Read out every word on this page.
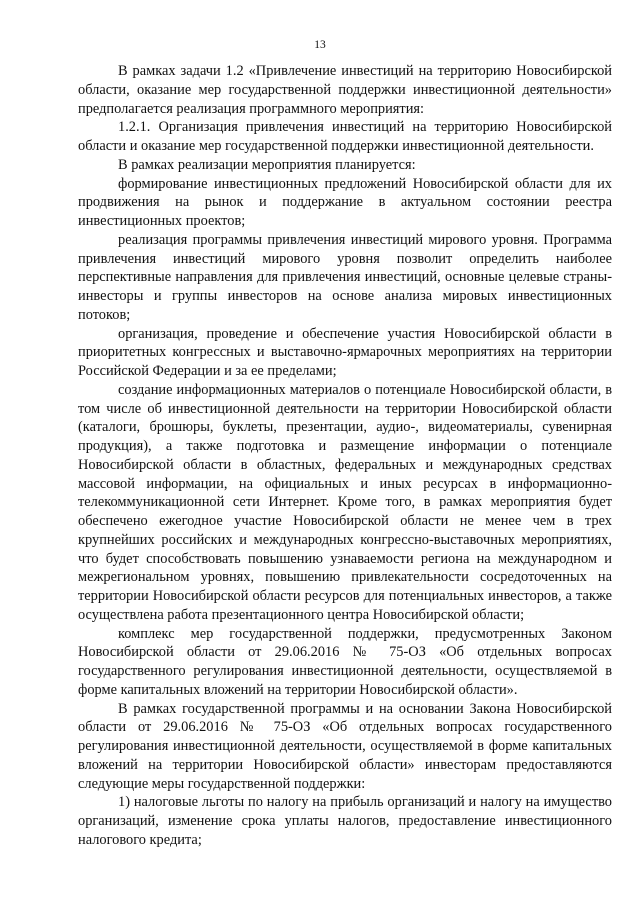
13

В рамках задачи 1.2 «Привлечение инвестиций на территорию Новосибирской области, оказание мер государственной поддержки инвестиционной деятельности» предполагается реализация программного мероприятия:

1.2.1. Организация привлечения инвестиций на территорию Новосибирской области и оказание мер государственной поддержки инвестиционной деятельности.

В рамках реализации мероприятия планируется:

формирование инвестиционных предложений Новосибирской области для их продвижения на рынок и поддержание в актуальном состоянии реестра инвестиционных проектов;

реализация программы привлечения инвестиций мирового уровня. Программа привлечения инвестиций мирового уровня позволит определить наиболее перспективные направления для привлечения инвестиций, основные целевые страны-инвесторы и группы инвесторов на основе анализа мировых инвестиционных потоков;

организация, проведение и обеспечение участия Новосибирской области в приоритетных конгрессных и выставочно-ярмарочных мероприятиях на территории Российской Федерации и за ее пределами;

создание информационных материалов о потенциале Новосибирской области, в том числе об инвестиционной деятельности на территории Новосибирской области (каталоги, брошюры, буклеты, презентации, аудио-, видеоматериалы, сувенирная продукция), а также подготовка и размещение информации о потенциале Новосибирской области в областных, федеральных и международных средствах массовой информации, на официальных и иных ресурсах в информационно-телекоммуникационной сети Интернет. Кроме того, в рамках мероприятия будет обеспечено ежегодное участие Новосибирской области не менее чем в трех крупнейших российских и международных конгрессно-выставочных мероприятиях, что будет способствовать повышению узнаваемости региона на международном и межрегиональном уровнях, повышению привлекательности сосредоточенных на территории Новосибирской области ресурсов для потенциальных инвесторов, а также осуществлена работа презентационного центра Новосибирской области;

комплекс мер государственной поддержки, предусмотренных Законом Новосибирской области от 29.06.2016 № 75-ОЗ «Об отдельных вопросах государственного регулирования инвестиционной деятельности, осуществляемой в форме капитальных вложений на территории Новосибирской области».

В рамках государственной программы и на основании Закона Новосибирской области от 29.06.2016 № 75-ОЗ «Об отдельных вопросах государственного регулирования инвестиционной деятельности, осуществляемой в форме капитальных вложений на территории Новосибирской области» инвесторам предоставляются следующие меры государственной поддержки:

1) налоговые льготы по налогу на прибыль организаций и налогу на имущество организаций, изменение срока уплаты налогов, предоставление инвестиционного налогового кредита;
